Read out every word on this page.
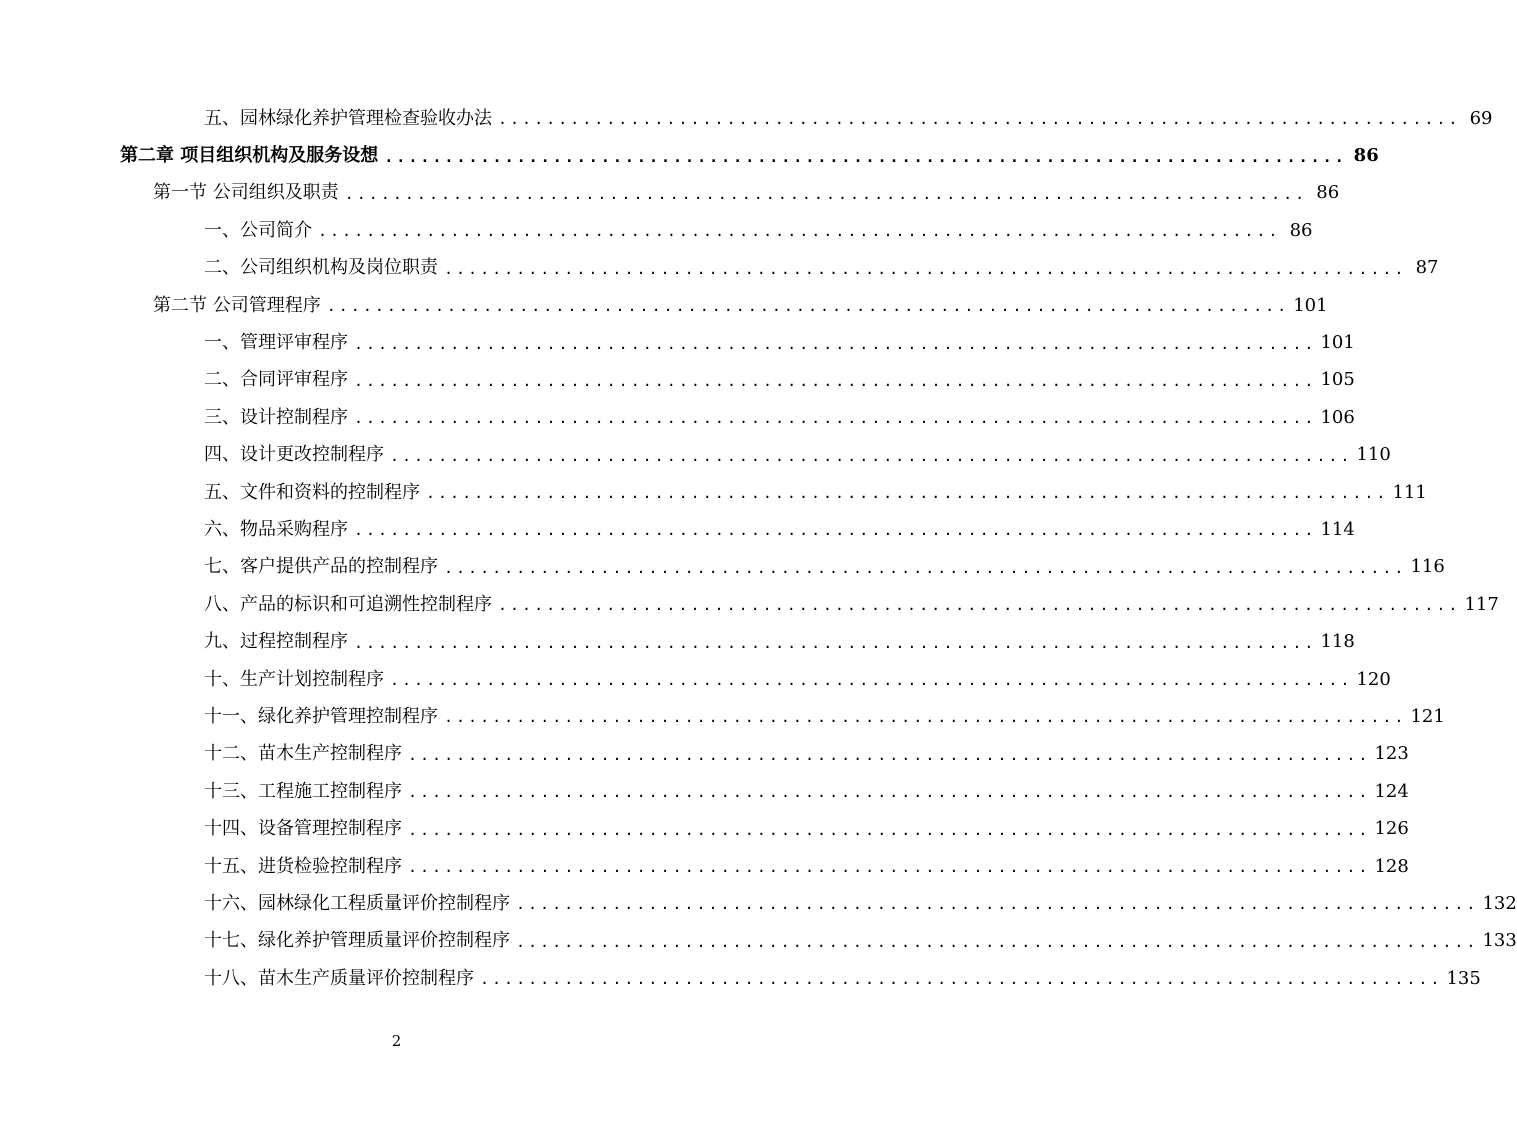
五、园林绿化养护管理检查验收办法 ................................................................................ 69
第二章 项目组织机构及服务设想 ................................................................................ 86
第一节 公司组织及职责 ................................................................................ 86
一、公司简介 ................................................................................ 86
二、公司组织机构及岗位职责 ................................................................................ 87
第二节 公司管理程序 ................................................................................ 101
一、管理评审程序 ................................................................................ 101
二、合同评审程序 ................................................................................ 105
三、设计控制程序 ................................................................................ 106
四、设计更改控制程序 ................................................................................ 110
五、文件和资料的控制程序 ................................................................................ 111
六、物品采购程序 ................................................................................ 114
七、客户提供产品的控制程序 ................................................................................ 116
八、产品的标识和可追溯性控制程序 ................................................................................ 117
九、过程控制程序 ................................................................................ 118
十、生产计划控制程序 ................................................................................ 120
十一、绿化养护管理控制程序 ................................................................................ 121
十二、苗木生产控制程序 ................................................................................ 123
十三、工程施工控制程序 ................................................................................ 124
十四、设备管理控制程序 ................................................................................ 126
十五、进货检验控制程序 ................................................................................ 128
十六、园林绿化工程质量评价控制程序 ................................................................................ 132
十七、绿化养护管理质量评价控制程序 ................................................................................ 133
十八、苗木生产质量评价控制程序 ................................................................................ 135
2
